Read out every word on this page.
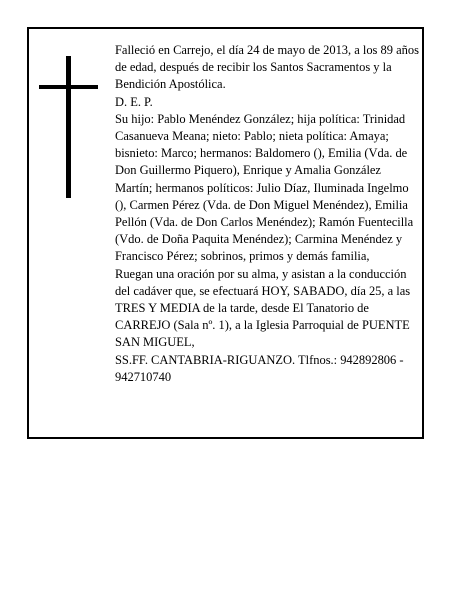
Falleció en Carrejo, el día 24 de mayo de 2013, a los 89 años de edad, después de recibir los Santos Sacramentos y la Bendición Apostólica.

D. E. P.

Su hijo: Pablo Menéndez González; hija política: Trinidad Casanueva Meana; nieto: Pablo; nieta política: Amaya; bisnieto: Marco; hermanos: Baldomero (), Emilia (Vda. de Don Guillermo Piquero), Enrique y Amalia González Martín; hermanos políticos: Julio Díaz, Iluminada Ingelmo (), Carmen Pérez (Vda. de Don Miguel Menéndez), Emilia Pellón (Vda. de Don Carlos Menéndez); Ramón Fuentecilla (Vdo. de Doña Paquita Menéndez); Carmina Menéndez y Francisco Pérez; sobrinos, primos y demás familia,

Ruegan una oración por su alma, y asistan a la conducción del cadáver que, se efectuará HOY, SABADO, día 25, a las TRES Y MEDIA de la tarde, desde El Tanatorio de CARREJO (Sala nº. 1), a la Iglesia Parroquial de PUENTE SAN MIGUEL,

SS.FF. CANTABRIA-RIGUANZO. Tlfnos.: 942892806 - 942710740
